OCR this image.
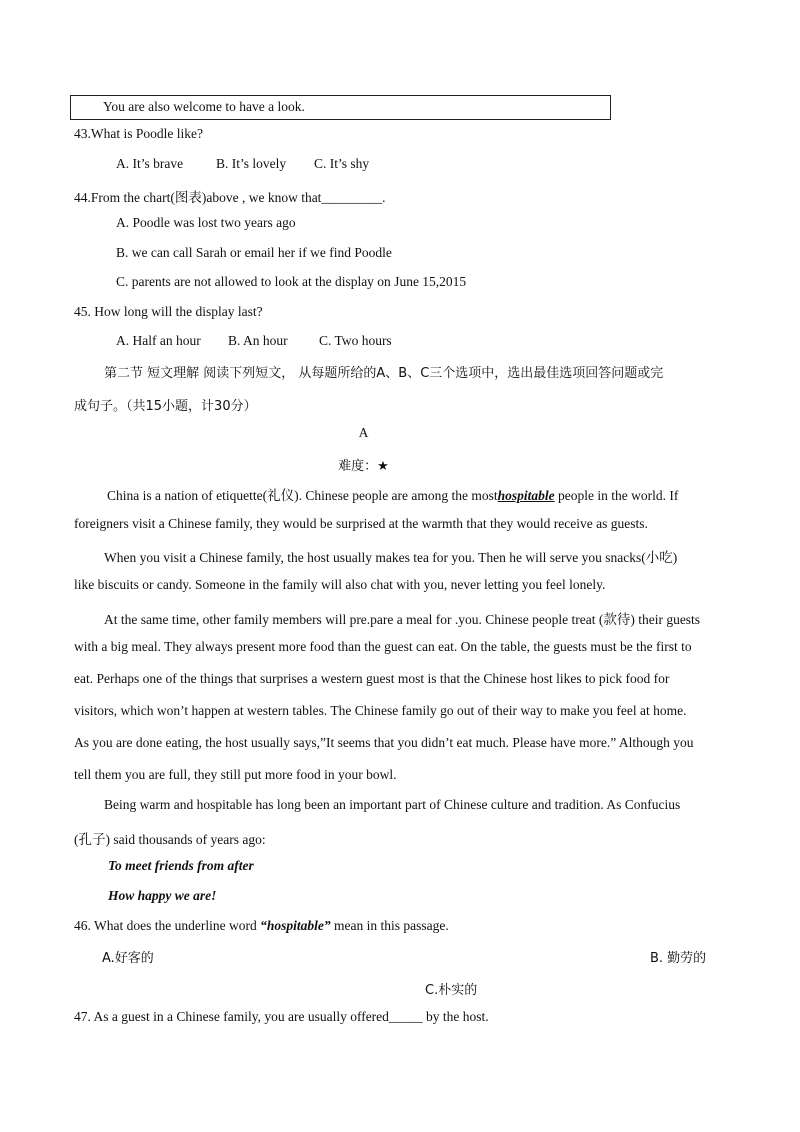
You are also welcome to have a look.
43.What is Poodle like?
A. It’s brave B. It’s lovely C. It’s shy
44.From the chart(图表)above , we know that_________.
A. Poodle was lost two years ago
B. we can call Sarah or email her if we find Poodle
C. parents are not allowed to look at the display on June 15,2015
45. How long will the display last?
A. Half an hour B. An hour C. Two hours
第二节 短文理解 阅读下列短文， 从每题所给的A、B、C三个选项中，选出最佳选项回答问题或完
成句子。（共15小题，计30分）
A
难度：★
China is a nation of etiquette(礼仪). Chinese people are among the mosthospitable people in the world. If
foreigners visit a Chinese family, they would be surprised at the warmth that they would receive as guests.
When you visit a Chinese family, the host usually makes tea for you. Then he will serve you snacks(小吃)
like biscuits or candy. Someone in the family will also chat with you, never letting you feel lonely.
At the same time, other family members will pre.pare a meal for .you. Chinese people treat (款待) their guests
with a big meal. They always present more food than the guest can eat. On the table, the guests must be the first to
eat. Perhaps one of the things that surprises a western guest most is that the Chinese host likes to pick food for
visitors, which won’t happen at western tables. The Chinese family go out of their way to make you feel at home.
As you are done eating, the host usually says,”It seems that you didn’t eat much. Please have more.” Although you
tell them you are full, they still put more food in your bowl.
Being warm and hospitable has long been an important part of Chinese culture and tradition. As Confucius
(孔子) said thousands of years ago:
To meet friends from after
How happy we are!
46. What does the underline word “hospitable” mean in this passage.
A.好客的	B. 勤劳的
C.朴实的
47. As a guest in a Chinese family, you are usually offered_____ by the host.
